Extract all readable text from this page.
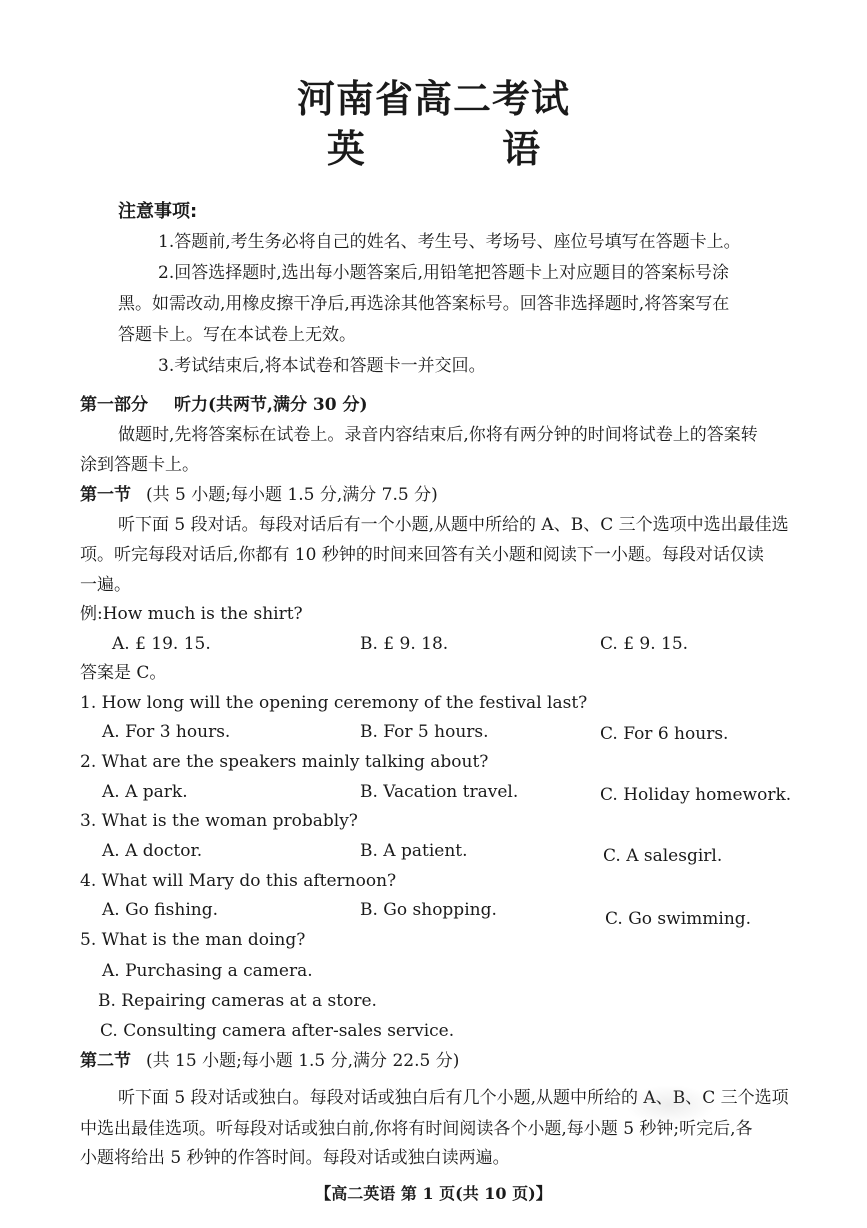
河南省高二考试
英 语
注意事项:
1.答题前,考生务必将自己的姓名、考生号、考场号、座位号填写在答题卡上。
2.回答选择题时,选出每小题答案后,用铅笔把答题卡上对应题目的答案标号涂
黑。如需改动,用橡皮擦干净后,再选涂其他答案标号。回答非选择题时,将答案写在
答题卡上。写在本试卷上无效。
3.考试结束后,将本试卷和答题卡一并交回。
第一部分 听力(共两节,满分 30 分)
做题时,先将答案标在试卷上。录音内容结束后,你将有两分钟的时间将试卷上的答案转
涂到答题卡上。
第一节 (共 5 小题;每小题 1.5 分,满分 7.5 分)
听下面 5 段对话。每段对话后有一个小题,从题中所给的 A、B、C 三个选项中选出最佳选
项。听完每段对话后,你都有 10 秒钟的时间来回答有关小题和阅读下一小题。每段对话仅读
一遍。
例:How much is the shirt?
A. £ 19. 15.	B. £ 9. 18.	C. £ 9. 15.
答案是 C。
1. How long will the opening ceremony of the festival last?
A. For 3 hours.	B. For 5 hours.	C. For 6 hours.
2. What are the speakers mainly talking about?
A. A park.	B. Vacation travel.	C. Holiday homework.
3. What is the woman probably?
A. A doctor.	B. A patient.	C. A salesgirl.
4. What will Mary do this afternoon?
A. Go fishing.	B. Go shopping.	C. Go swimming.
5. What is the man doing?
A. Purchasing a camera.
B. Repairing cameras at a store.
C. Consulting camera after-sales service.
第二节 (共 15 小题;每小题 1.5 分,满分 22.5 分)
听下面 5 段对话或独白。每段对话或独白后有几个小题,从题中所给的 A、B、C 三个选项
中选出最佳选项。听每段对话或独白前,你将有时间阅读各个小题,每小题 5 秒钟;听完后,各
小题将给出 5 秒钟的作答时间。每段对话或独白读两遍。
【高二英语 第 1 页(共 10 页)】
